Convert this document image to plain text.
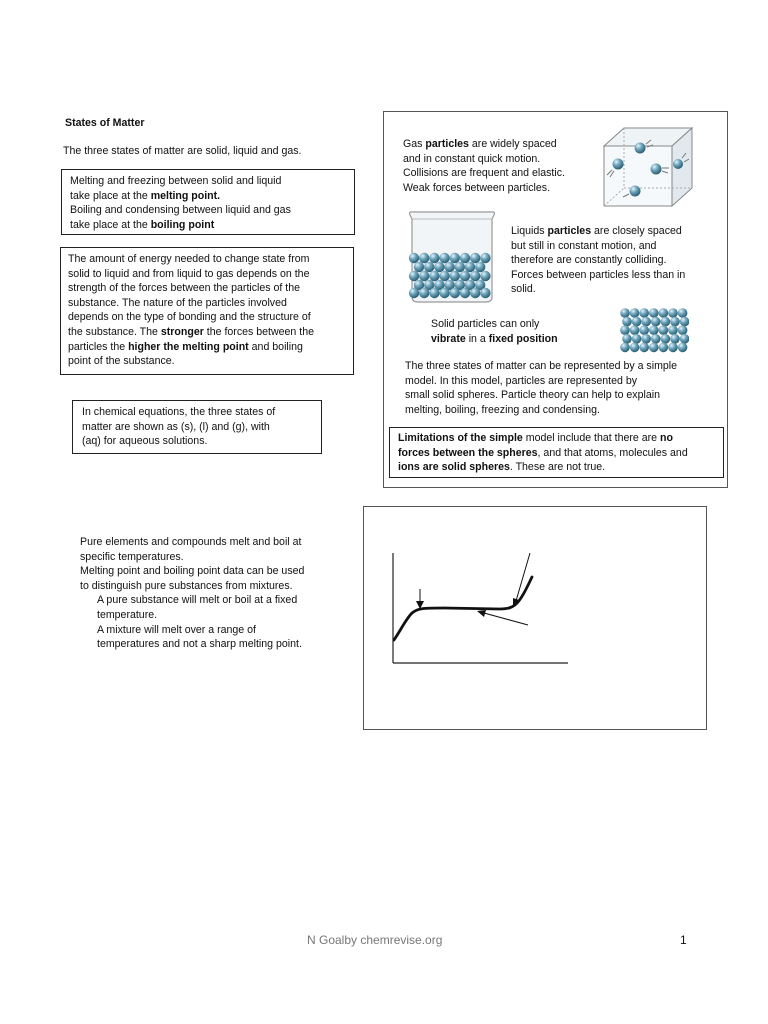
States of Matter
The three states of matter are solid, liquid and gas.

Melting and freezing between solid and liquid

take place at the melting point.

Boiling and condensing between liquid and gas

take place at the boiling point

The amount of energy needed to change state from

solid to liquid and from liquid to gas depends on the

strength of the forces between the particles of the

substance. The nature of the particles involved

depends on the type of bonding and the structure of

the substance. The stronger the forces between the

particles the higher the melting point and boiling

point of the substance.

In chemical equations, the three states of

matter are shown as (s), (l) and (g), with

(aq) for aqueous solutions.

Gas particles are widely spaced

and in constant quick motion.

Collisions are frequent and elastic.

Weak forces between particles.

Liquids particles are closely spaced

but still in constant motion, and

therefore are constantly colliding.

Forces between particles less than in

solid.

Solid particles can only

vibrate in a fixed position

The three states of matter can be represented by a simple

model. In this model, particles are represented by

small solid spheres. Particle theory can help to explain

melting, boiling, freezing and condensing.

Limitations of the simple model include that there are no

forces between the spheres, and that atoms, molecules and

ions are solid spheres. These are not true.

Pure elements and compounds melt and boil at

specific temperatures.

Melting point and boiling point data can be used

to distinguish pure substances from mixtures.

A pure substance will melt or boil at a fixed

temperature.

A mixture will melt over a range of

temperatures and not a sharp melting point.

N Goalby chemrevise.org	1
